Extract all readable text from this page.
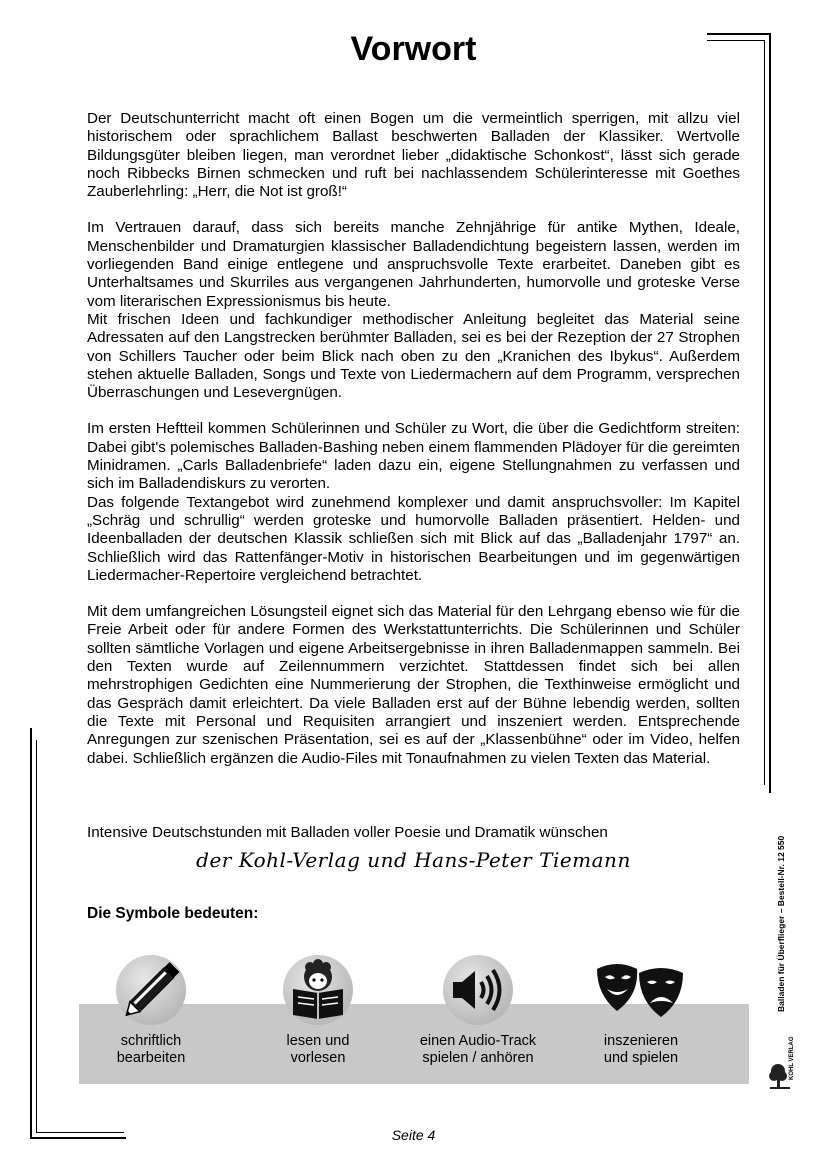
Vorwort

Der Deutschunterricht macht oft einen Bogen um die vermeintlich sperrigen, mit allzu viel historischem oder sprachlichem Ballast beschwerten Balladen der Klassiker. Wertvolle Bildungsgüter bleiben liegen, man verordnet lieber „didaktische Schonkost“, lässt sich gerade noch Ribbecks Birnen schmecken und ruft bei nachlassendem Schülerinteresse mit Goethes Zauberlehrling: „Herr, die Not ist groß!“

Im Vertrauen darauf, dass sich bereits manche Zehnjährige für antike Mythen, Ideale, Menschenbilder und Dramaturgien klassischer Balladendichtung begeistern lassen, werden im vorliegenden Band einige entlegene und anspruchsvolle Texte erarbeitet. Daneben gibt es Unterhaltsames und Skurriles aus vergangenen Jahrhunderten, humorvolle und groteske Verse vom literarischen Expressionismus bis heute.

Mit frischen Ideen und fachkundiger methodischer Anleitung begleitet das Material seine Adressaten auf den Langstrecken berühmter Balladen, sei es bei der Rezeption der 27 Strophen von Schillers Taucher oder beim Blick nach oben zu den „Kranichen des Ibykus“. Außerdem stehen aktuelle Balladen, Songs und Texte von Liedermachern auf dem Programm, versprechen Überraschungen und Lesevergnügen.

Im ersten Heftteil kommen Schülerinnen und Schüler zu Wort, die über die Gedichtform streiten: Dabei gibt's polemisches Balladen-Bashing neben einem flammenden Plädoyer für die gereimten Minidramen. „Carls Balladenbriefe“ laden dazu ein, eigene Stellungnahmen zu verfassen und sich im Balladendiskurs zu verorten.

Das folgende Textangebot wird zunehmend komplexer und damit anspruchsvoller: Im Kapitel „Schräg und schrullig“ werden groteske und humorvolle Balladen präsentiert. Helden- und Ideenballaden der deutschen Klassik schließen sich mit Blick auf das „Balladenjahr 1797“ an. Schließlich wird das Rattenfänger-Motiv in historischen Bearbeitungen und im gegenwärtigen Liedermacher-Repertoire vergleichend betrachtet.

Mit dem umfangreichen Lösungsteil eignet sich das Material für den Lehrgang ebenso wie für die Freie Arbeit oder für andere Formen des Werkstattunterrichts. Die Schülerinnen und Schüler sollten sämtliche Vorlagen und eigene Arbeitsergebnisse in ihren Balladenmappen sammeln. Bei den Texten wurde auf Zeilennummern verzichtet. Stattdessen findet sich bei allen mehrstrophigen Gedichten eine Nummerierung der Strophen, die Texthinweise ermöglicht und das Gespräch damit erleichtert. Da viele Balladen erst auf der Bühne lebendig werden, sollten die Texte mit Personal und Requisiten arrangiert und inszeniert werden. Entsprechende Anregungen zur szenischen Präsentation, sei es auf der „Klassenbühne“ oder im Video, helfen dabei. Schließlich ergänzen die Audio-Files mit Tonaufnahmen zu vielen Texten das Material.

Intensive Deutschstunden mit Balladen voller Poesie und Dramatik wünschen
der Kohl-Verlag und Hans-Peter Tiemann
Die Symbole bedeuten:
schriftlich
bearbeiten
lesen und
vorlesen
einen Audio-Track
spielen / anhören
inszenieren
und spielen
Balladen für Überflieger – Bestell-Nr. 12 550
KOHL VERLAG
Seite 4
